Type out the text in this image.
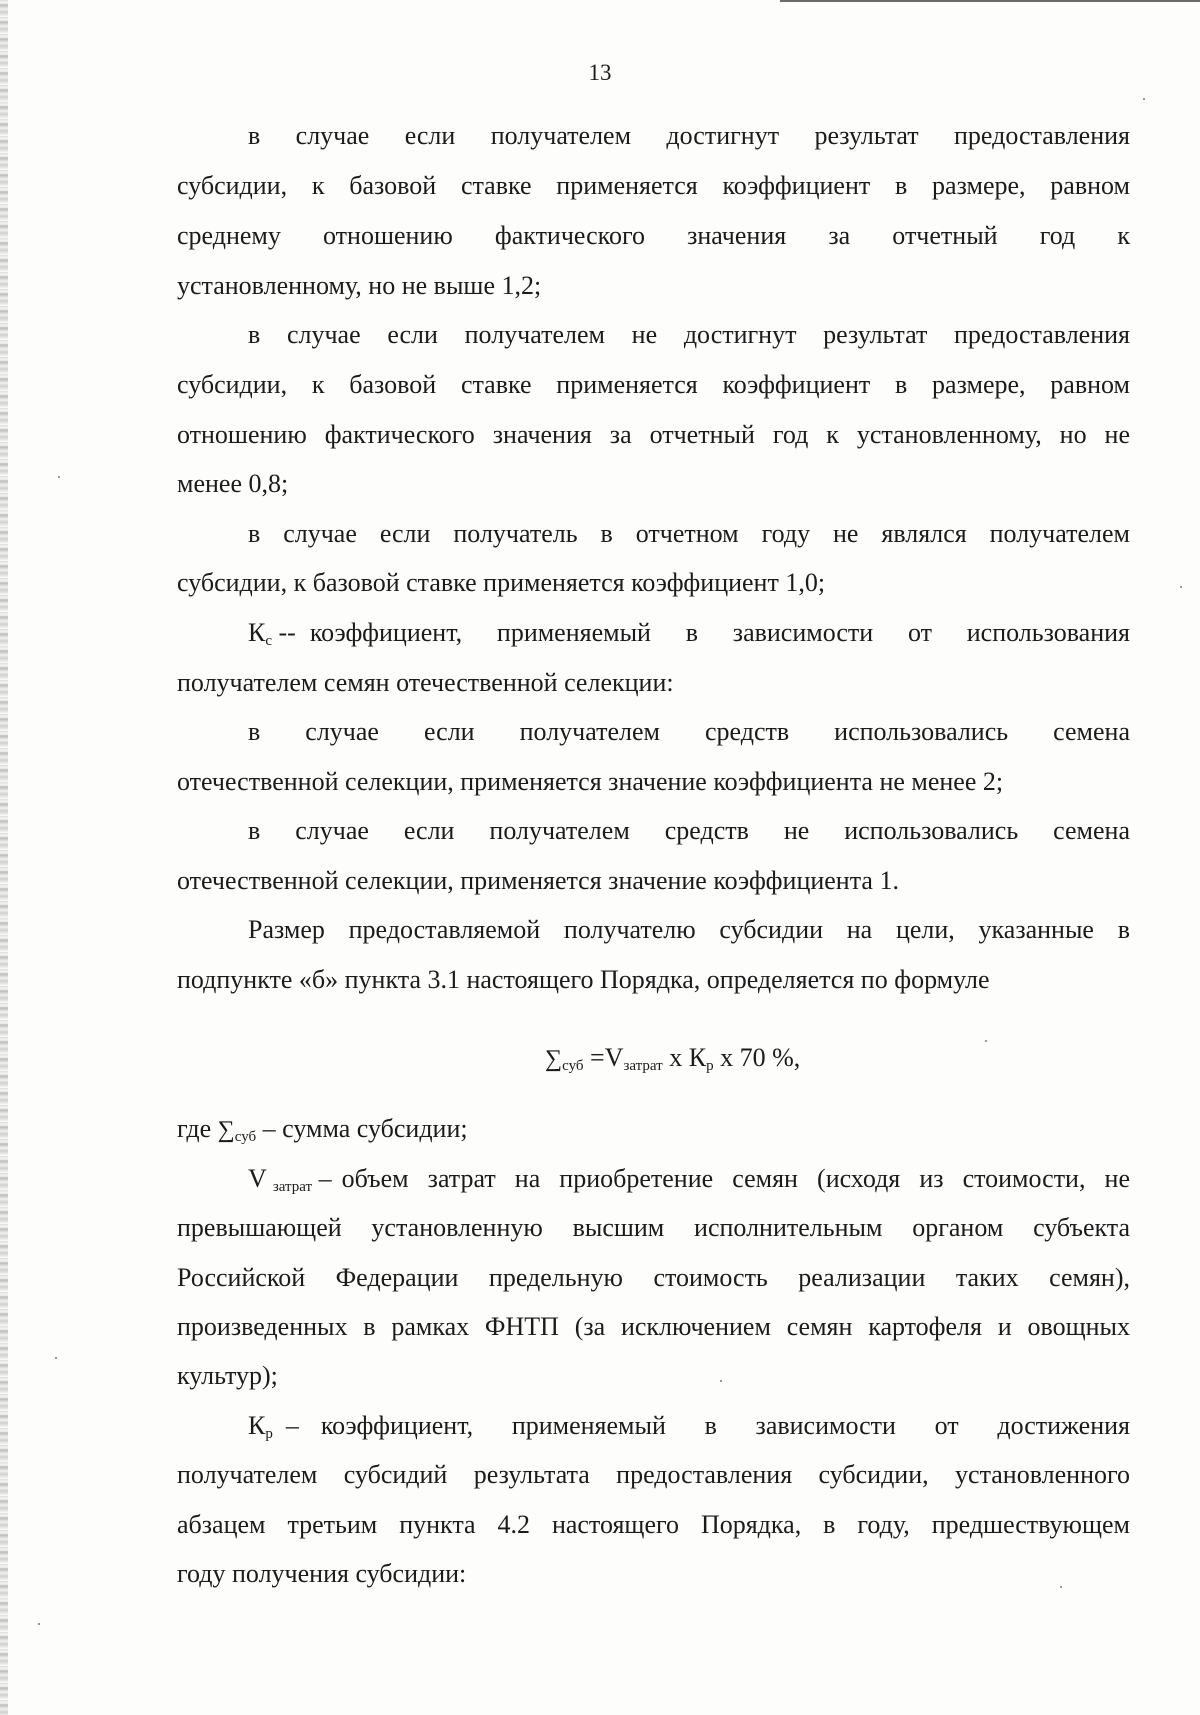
13
в случае если получателем достигнут результат предоставления
субсидии, к базовой ставке применяется коэффициент в размере, равном
среднему отношению фактического значения за отчетный год к
установленному, но не выше 1,2;
в случае если получателем не достигнут результат предоставления
субсидии, к базовой ставке применяется коэффициент в размере, равном
отношению фактического значения за отчетный год к установленному, но не
менее 0,8;
в случае если получатель в отчетном году не являлся получателем
субсидии, к базовой ставке применяется коэффициент 1,0;
$К_с$ -- коэффициент, применяемый в зависимости от использования
получателем семян отечественной селекции:
в случае если получателем средств использовались семена
отечественной селекции, применяется значение коэффициента не менее 2;
в случае если получателем средств не использовались семена
отечественной селекции, применяется значение коэффициента 1.
Размер предоставляемой получателю субсидии на цели, указанные в
подпункте «б» пункта 3.1 настоящего Порядка, определяется по формуле
$\sum_{суб} =V_{затрат}$ х $К_р$ х 70 %,
где $\sum_{суб}$ – сумма субсидии;
V $_{затрат}$ – объем затрат на приобретение семян (исходя из стоимости, не
превышающей установленную высшим исполнительным органом субъекта
Российской Федерации предельную стоимость реализации таких семян),
произведенных в рамках ФНТП (за исключением семян картофеля и овощных
культур);
$К_р$ – коэффициент, применяемый в зависимости от достижения
получателем субсидий результата предоставления субсидии, установленного
абзацем третьим пункта 4.2 настоящего Порядка, в году, предшествующем
году получения субсидии:
